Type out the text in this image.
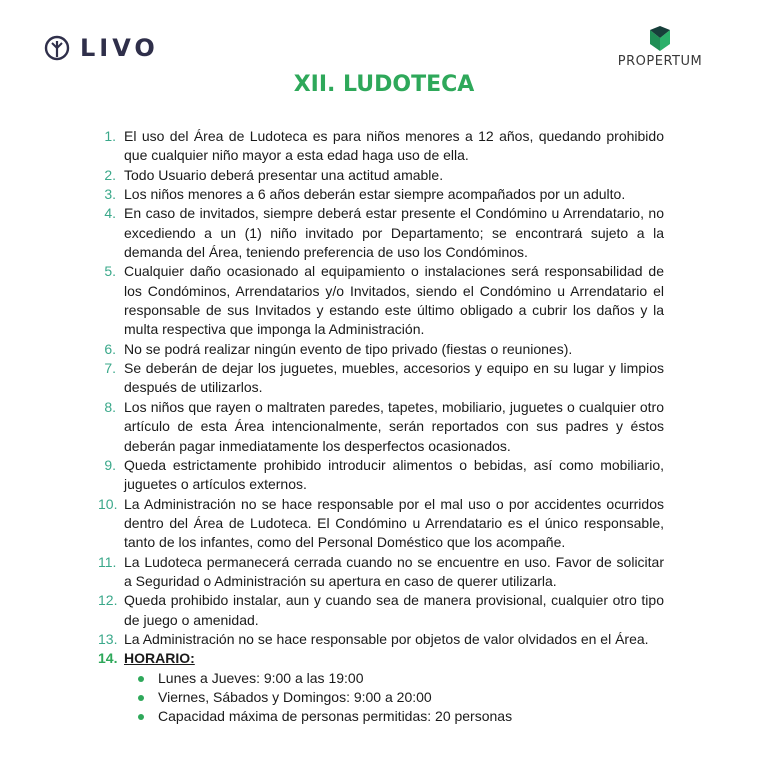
LIVO	PROPERTUM
XII. LUDOTECA
1. El uso del Área de Ludoteca es para niños menores a 12 años, quedando prohibido que cualquier niño mayor a esta edad haga uso de ella.
2. Todo Usuario deberá presentar una actitud amable.
3. Los niños menores a 6 años deberán estar siempre acompañados por un adulto.
4. En caso de invitados, siempre deberá estar presente el Condómino u Arrendatario, no excediendo a un (1) niño invitado por Departamento; se encontrará sujeto a la demanda del Área, teniendo preferencia de uso los Condóminos.
5. Cualquier daño ocasionado al equipamiento o instalaciones será responsabilidad de los Condóminos, Arrendatarios y/o Invitados, siendo el Condómino u Arrendatario el responsable de sus Invitados y estando este último obligado a cubrir los daños y la multa respectiva que imponga la Administración.
6. No se podrá realizar ningún evento de tipo privado (fiestas o reuniones).
7. Se deberán de dejar los juguetes, muebles, accesorios y equipo en su lugar y limpios después de utilizarlos.
8. Los niños que rayen o maltraten paredes, tapetes, mobiliario, juguetes o cualquier otro artículo de esta Área intencionalmente, serán reportados con sus padres y éstos deberán pagar inmediatamente los desperfectos ocasionados.
9. Queda estrictamente prohibido introducir alimentos o bebidas, así como mobiliario, juguetes o artículos externos.
10. La Administración no se hace responsable por el mal uso o por accidentes ocurridos dentro del Área de Ludoteca. El Condómino u Arrendatario es el único responsable, tanto de los infantes, como del Personal Doméstico que los acompañe.
11. La Ludoteca permanecerá cerrada cuando no se encuentre en uso. Favor de solicitar a Seguridad o Administración su apertura en caso de querer utilizarla.
12. Queda prohibido instalar, aun y cuando sea de manera provisional, cualquier otro tipo de juego o amenidad.
13. La Administración no se hace responsable por objetos de valor olvidados en el Área.
14. HORARIO:
Lunes a Jueves: 9:00 a las 19:00
Viernes, Sábados y Domingos: 9:00 a 20:00
Capacidad máxima de personas permitidas: 20 personas
